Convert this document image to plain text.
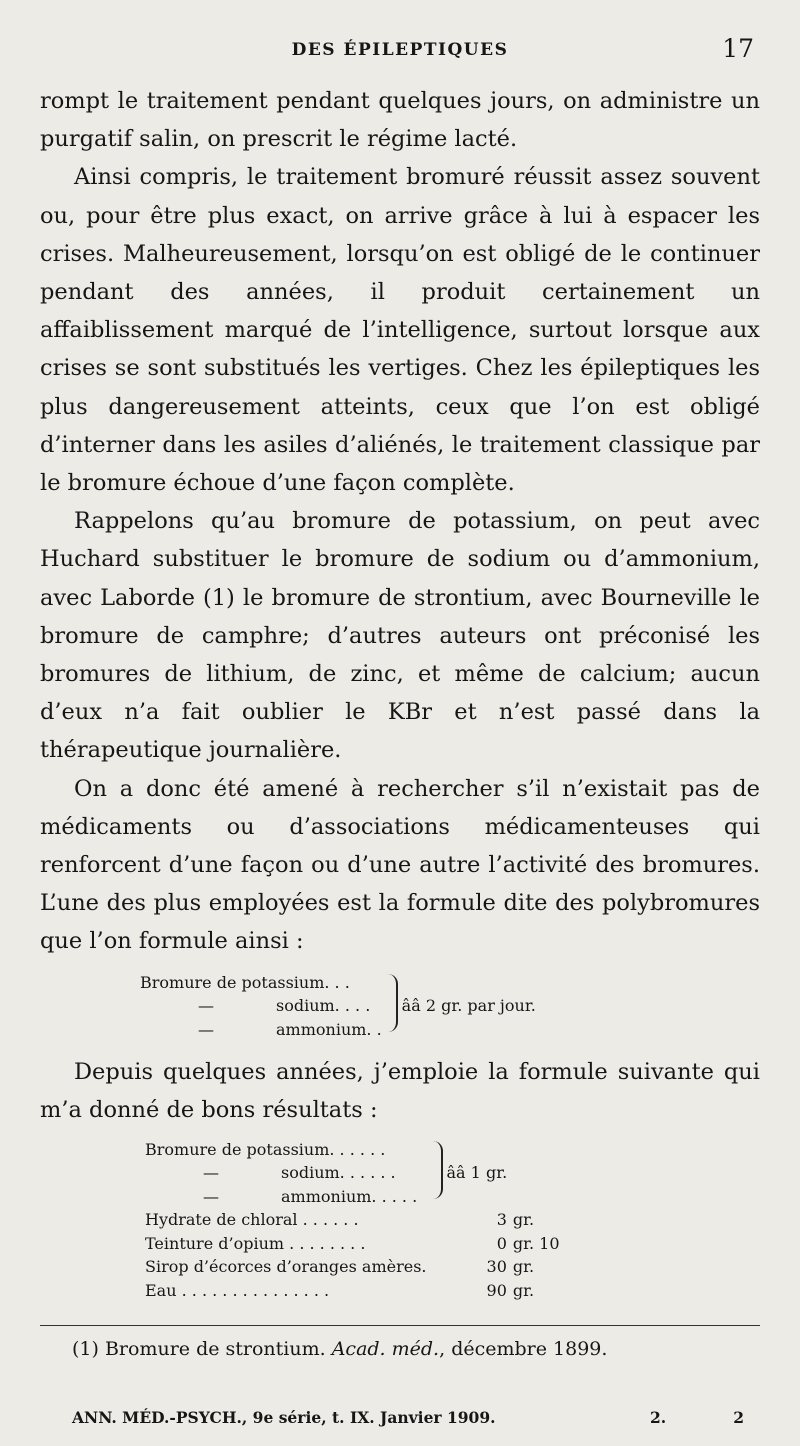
DES ÉPILEPTIQUES	17

rompt le traitement pendant quelques jours, on administre un purgatif salin, on prescrit le régime lacté.

Ainsi compris, le traitement bromuré réussit assez souvent ou, pour être plus exact, on arrive grâce à lui à espacer les crises. Malheureusement, lorsqu’on est obligé de le continuer pendant des années, il produit certainement un affaiblissement marqué de l’intelligence, surtout lorsque aux crises se sont substitués les vertiges. Chez les épileptiques les plus dangereusement atteints, ceux que l’on est obligé d’interner dans les asiles d’aliénés, le traitement classique par le bromure échoue d’une façon complète.

Rappelons qu’au bromure de potassium, on peut avec Huchard substituer le bromure de sodium ou d’ammonium, avec Laborde (1) le bromure de strontium, avec Bourneville le bromure de camphre; d’autres auteurs ont préconisé les bromures de lithium, de zinc, et même de calcium; aucun d’eux n’a fait oublier le KBr et n’est passé dans la thérapeutique journalière.

On a donc été amené à rechercher s’il n’existait pas de médicaments ou d’associations médicamenteuses qui renforcent d’une façon ou d’une autre l’activité des bromures. L’une des plus employées est la formule dite des polybromures que l’on formule ainsi :

Bromure de potassium. . .		ââ 2 gr. par jour.
—	sodium. . . .
—	ammonium. .

Depuis quelques années, j’emploie la formule suivante qui m’a donné de bons résultats :

Bromure de potassium. . . . . .		ââ 1 gr.	
— sodium. . . . . .			
— ammonium. . . . .			
Hydrate de chloral . . . . . .		3	gr.
Teinture d’opium . . . . . . . .		0	gr. 10
Sirop d’écorces d’oranges amères.		30	gr.
Eau . . . . . . . . . . . . . . .		90	gr.
(1) Bromure de strontium. Acad. méd., décembre 1899.
ANN. MÉD.-PSYCH., 9e série, t. IX. Janvier 1909.	2.	2
